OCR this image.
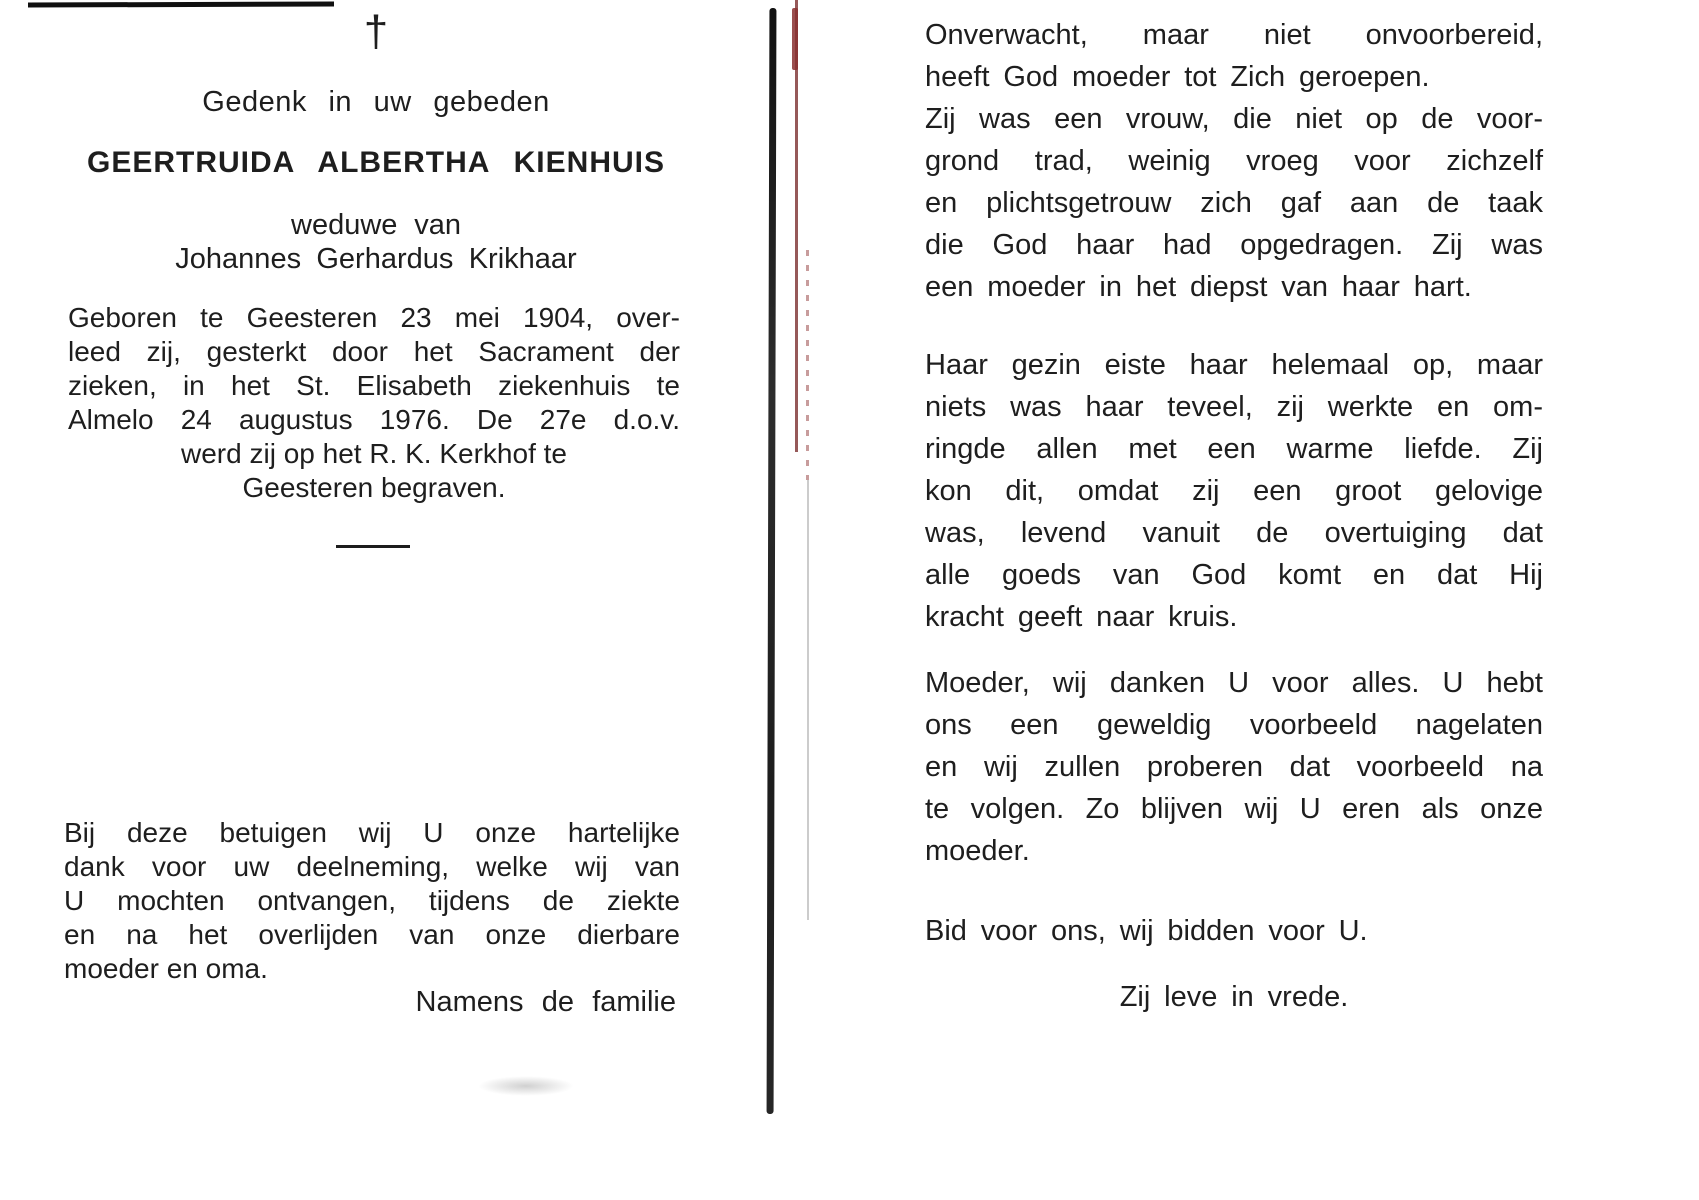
†
Gedenk in uw gebeden
GEERTRUIDA ALBERTHA KIENHUIS
weduwe van
Johannes Gerhardus Krikhaar
Geboren te Geesteren 23 mei 1904, over-
leed zij, gesterkt door het Sacrament der
zieken, in het St. Elisabeth ziekenhuis te
Almelo 24 augustus 1976. De 27e d.o.v.
werd zij op het R. K. Kerkhof te
Geesteren begraven.
Bij deze betuigen wij U onze hartelijke
dank voor uw deelneming, welke wij van
U mochten ontvangen, tijdens de ziekte
en na het overlijden van onze dierbare
moeder en oma.
Namens de familie
Onverwacht, maar niet onvoorbereid,
heeft God moeder tot Zich geroepen.
Zij was een vrouw, die niet op de voor-
grond trad, weinig vroeg voor zichzelf
en plichtsgetrouw zich gaf aan de taak
die God haar had opgedragen. Zij was
een moeder in het diepst van haar hart.
Haar gezin eiste haar helemaal op, maar
niets was haar teveel, zij werkte en om-
ringde allen met een warme liefde. Zij
kon dit, omdat zij een groot gelovige
was, levend vanuit de overtuiging dat
alle goeds van God komt en dat Hij
kracht geeft naar kruis.
Moeder, wij danken U voor alles. U hebt
ons een geweldig voorbeeld nagelaten
en wij zullen proberen dat voorbeeld na
te volgen. Zo blijven wij U eren als onze
moeder.
Bid voor ons, wij bidden voor U.
Zij leve in vrede.
